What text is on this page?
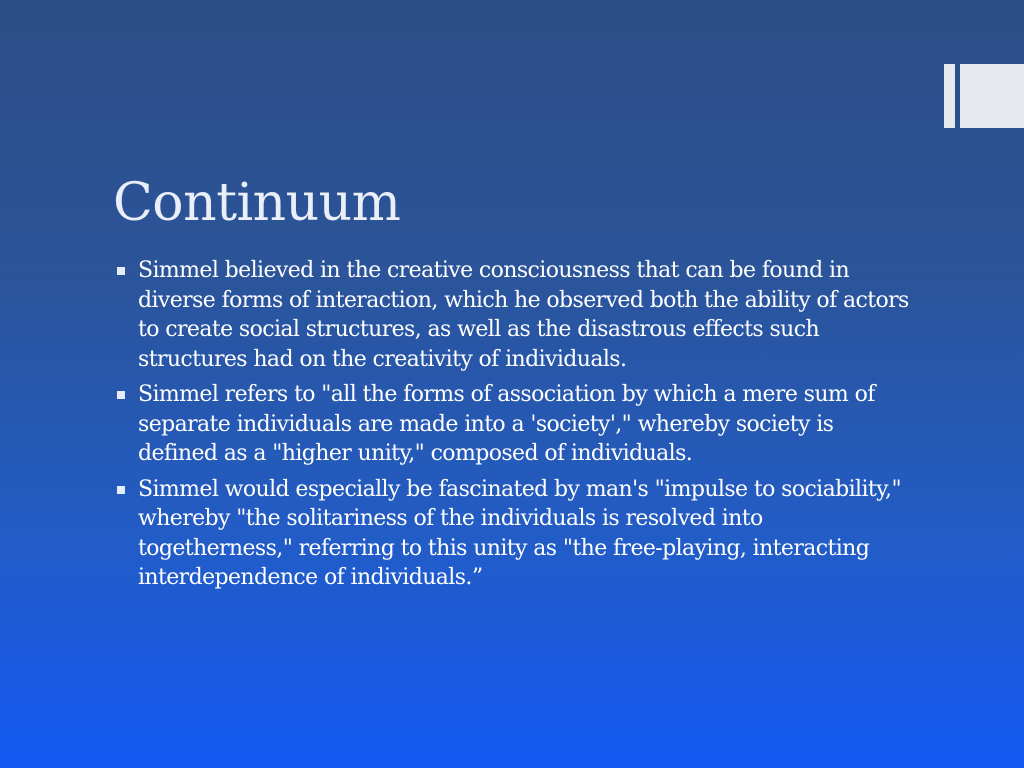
Continuum
Simmel believed in the creative consciousness that can be found in diverse forms of interaction, which he observed both the ability of actors to create social structures, as well as the disastrous effects such structures had on the creativity of individuals.
Simmel refers to "all the forms of association by which a mere sum of separate individuals are made into a 'society'," whereby society is defined as a "higher unity," composed of individuals.
Simmel would especially be fascinated by man's "impulse to sociability," whereby "the solitariness of the individuals is resolved into togetherness," referring to this unity as "the free-playing, interacting interdependence of individuals.”
